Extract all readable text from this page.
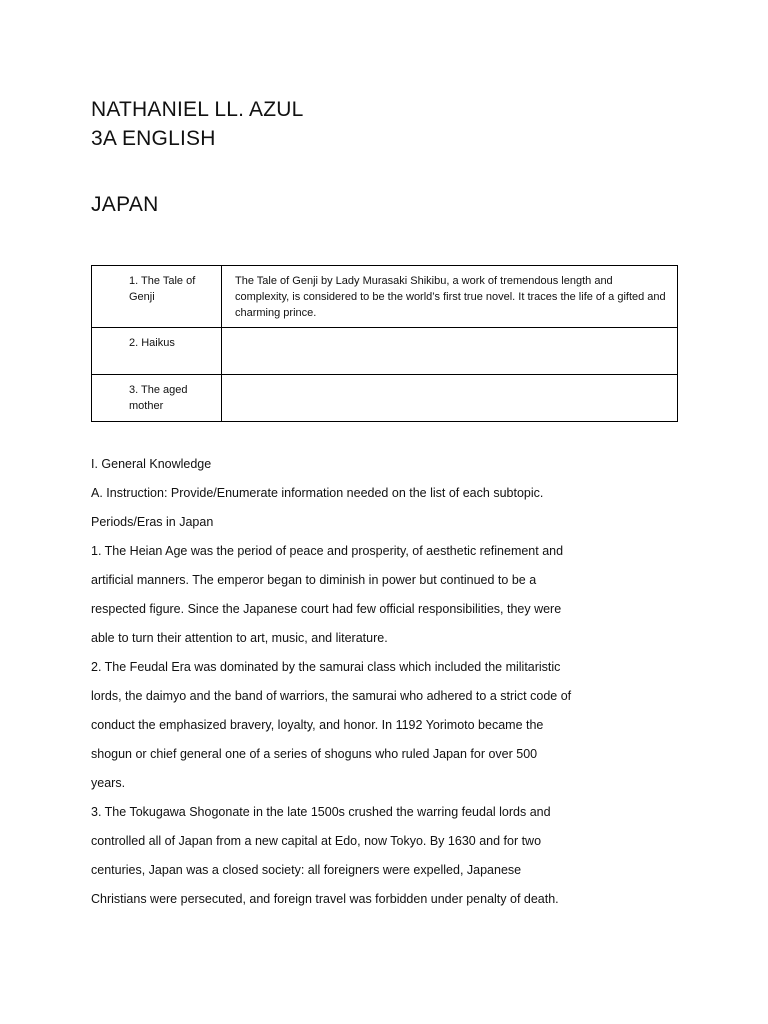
NATHANIEL LL. AZUL
3A ENGLISH
JAPAN
1. The Tale of Genji	The Tale of Genji by Lady Murasaki Shikibu, a work of tremendous length and complexity, is considered to be the world’s first true novel. It traces the life of a gifted and charming prince.
2. Haikus	
3. The aged mother	

I. General Knowledge

A. Instruction: Provide/Enumerate information needed on the list of each subtopic.

Periods/Eras in Japan

1. The Heian Age was the period of peace and prosperity, of aesthetic refinement and

artificial manners. The emperor began to diminish in power but continued to be a

respected figure. Since the Japanese court had few official responsibilities, they were

able to turn their attention to art, music, and literature.

2. The Feudal Era was dominated by the samurai class which included the militaristic

lords, the daimyo and the band of warriors, the samurai who adhered to a strict code of

conduct the emphasized bravery, loyalty, and honor. In 1192 Yorimoto became the

shogun or chief general one of a series of shoguns who ruled Japan for over 500

years.

3. The Tokugawa Shogonate in the late 1500s crushed the warring feudal lords and

controlled all of Japan from a new capital at Edo, now Tokyo. By 1630 and for two

centuries, Japan was a closed society: all foreigners were expelled, Japanese

Christians were persecuted, and foreign travel was forbidden under penalty of death.
